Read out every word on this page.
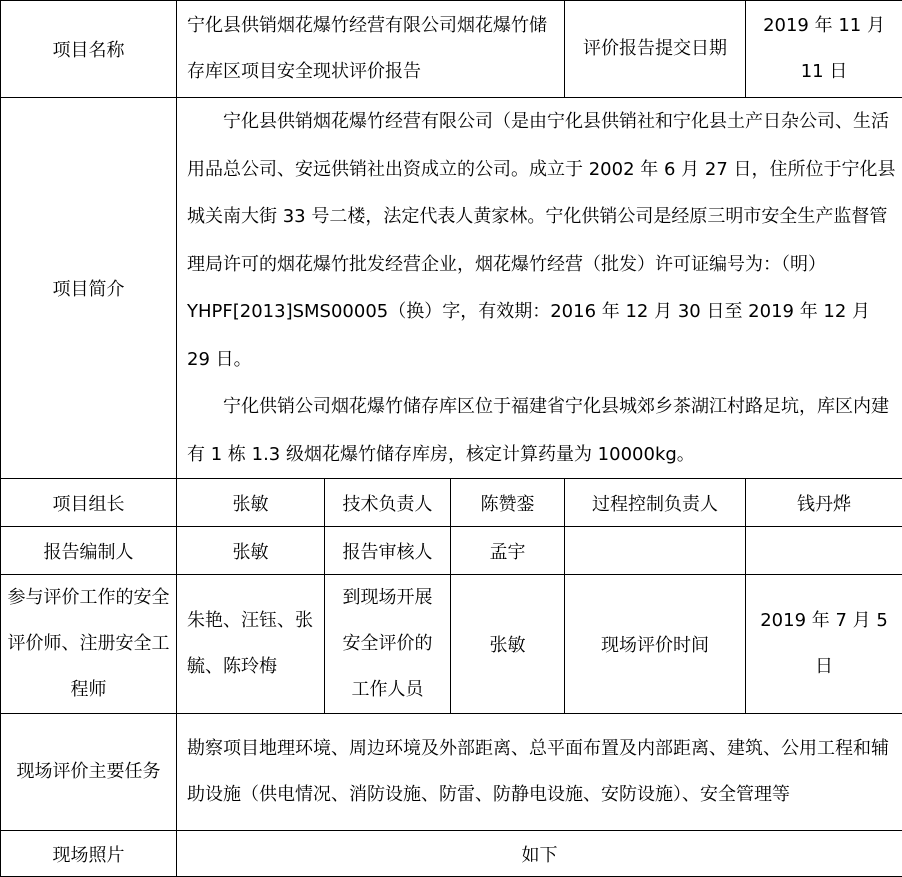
项目名称	宁化县供销烟花爆竹经营有限公司烟花爆竹储存库区项目安全现状评价报告			评价报告提交日期	2019 年 11 月 11 日
项目简介	宁化县供销烟花爆竹经营有限公司（是由宁化县供销社和宁化县土产日杂公司、生活用品总公司、安远供销社出资成立的公司。成立于 2002 年 6 月 27 日，住所位于宁化县城关南大街 33 号二楼，法定代表人黄家林。宁化供销公司是经原三明市安全生产监督管理局许可的烟花爆竹批发经营企业，烟花爆竹经营（批发）许可证编号为：（明）YHPF[2013]SMS00005（换）字，有效期：2016 年 12 月 30 日至 2019 年 12 月 29 日。

宁化供销公司烟花爆竹储存库区位于福建省宁化县城郊乡茶湖江村路足坑，库区内建有 1 栋 1.3 级烟花爆竹储存库房，核定计算药量为 10000kg。				

项目组长	张敏	技术负责人	陈赞銮	过程控制负责人	钱丹烨
报告编制人	张敏	报告审核人	孟宇		
参与评价工作的安全评价师、注册安全工程师	朱艳、汪钰、张毓、陈玲梅	到现场开展安全评价的工作人员	张敏	现场评价时间	2019 年 7 月 5 日
现场评价主要任务	勘察项目地理环境、周边环境及外部距离、总平面布置及内部距离、建筑、公用工程和辅助设施（供电情况、消防设施、防雷、防静电设施、安防设施）、安全管理等				
现场照片	如下				
